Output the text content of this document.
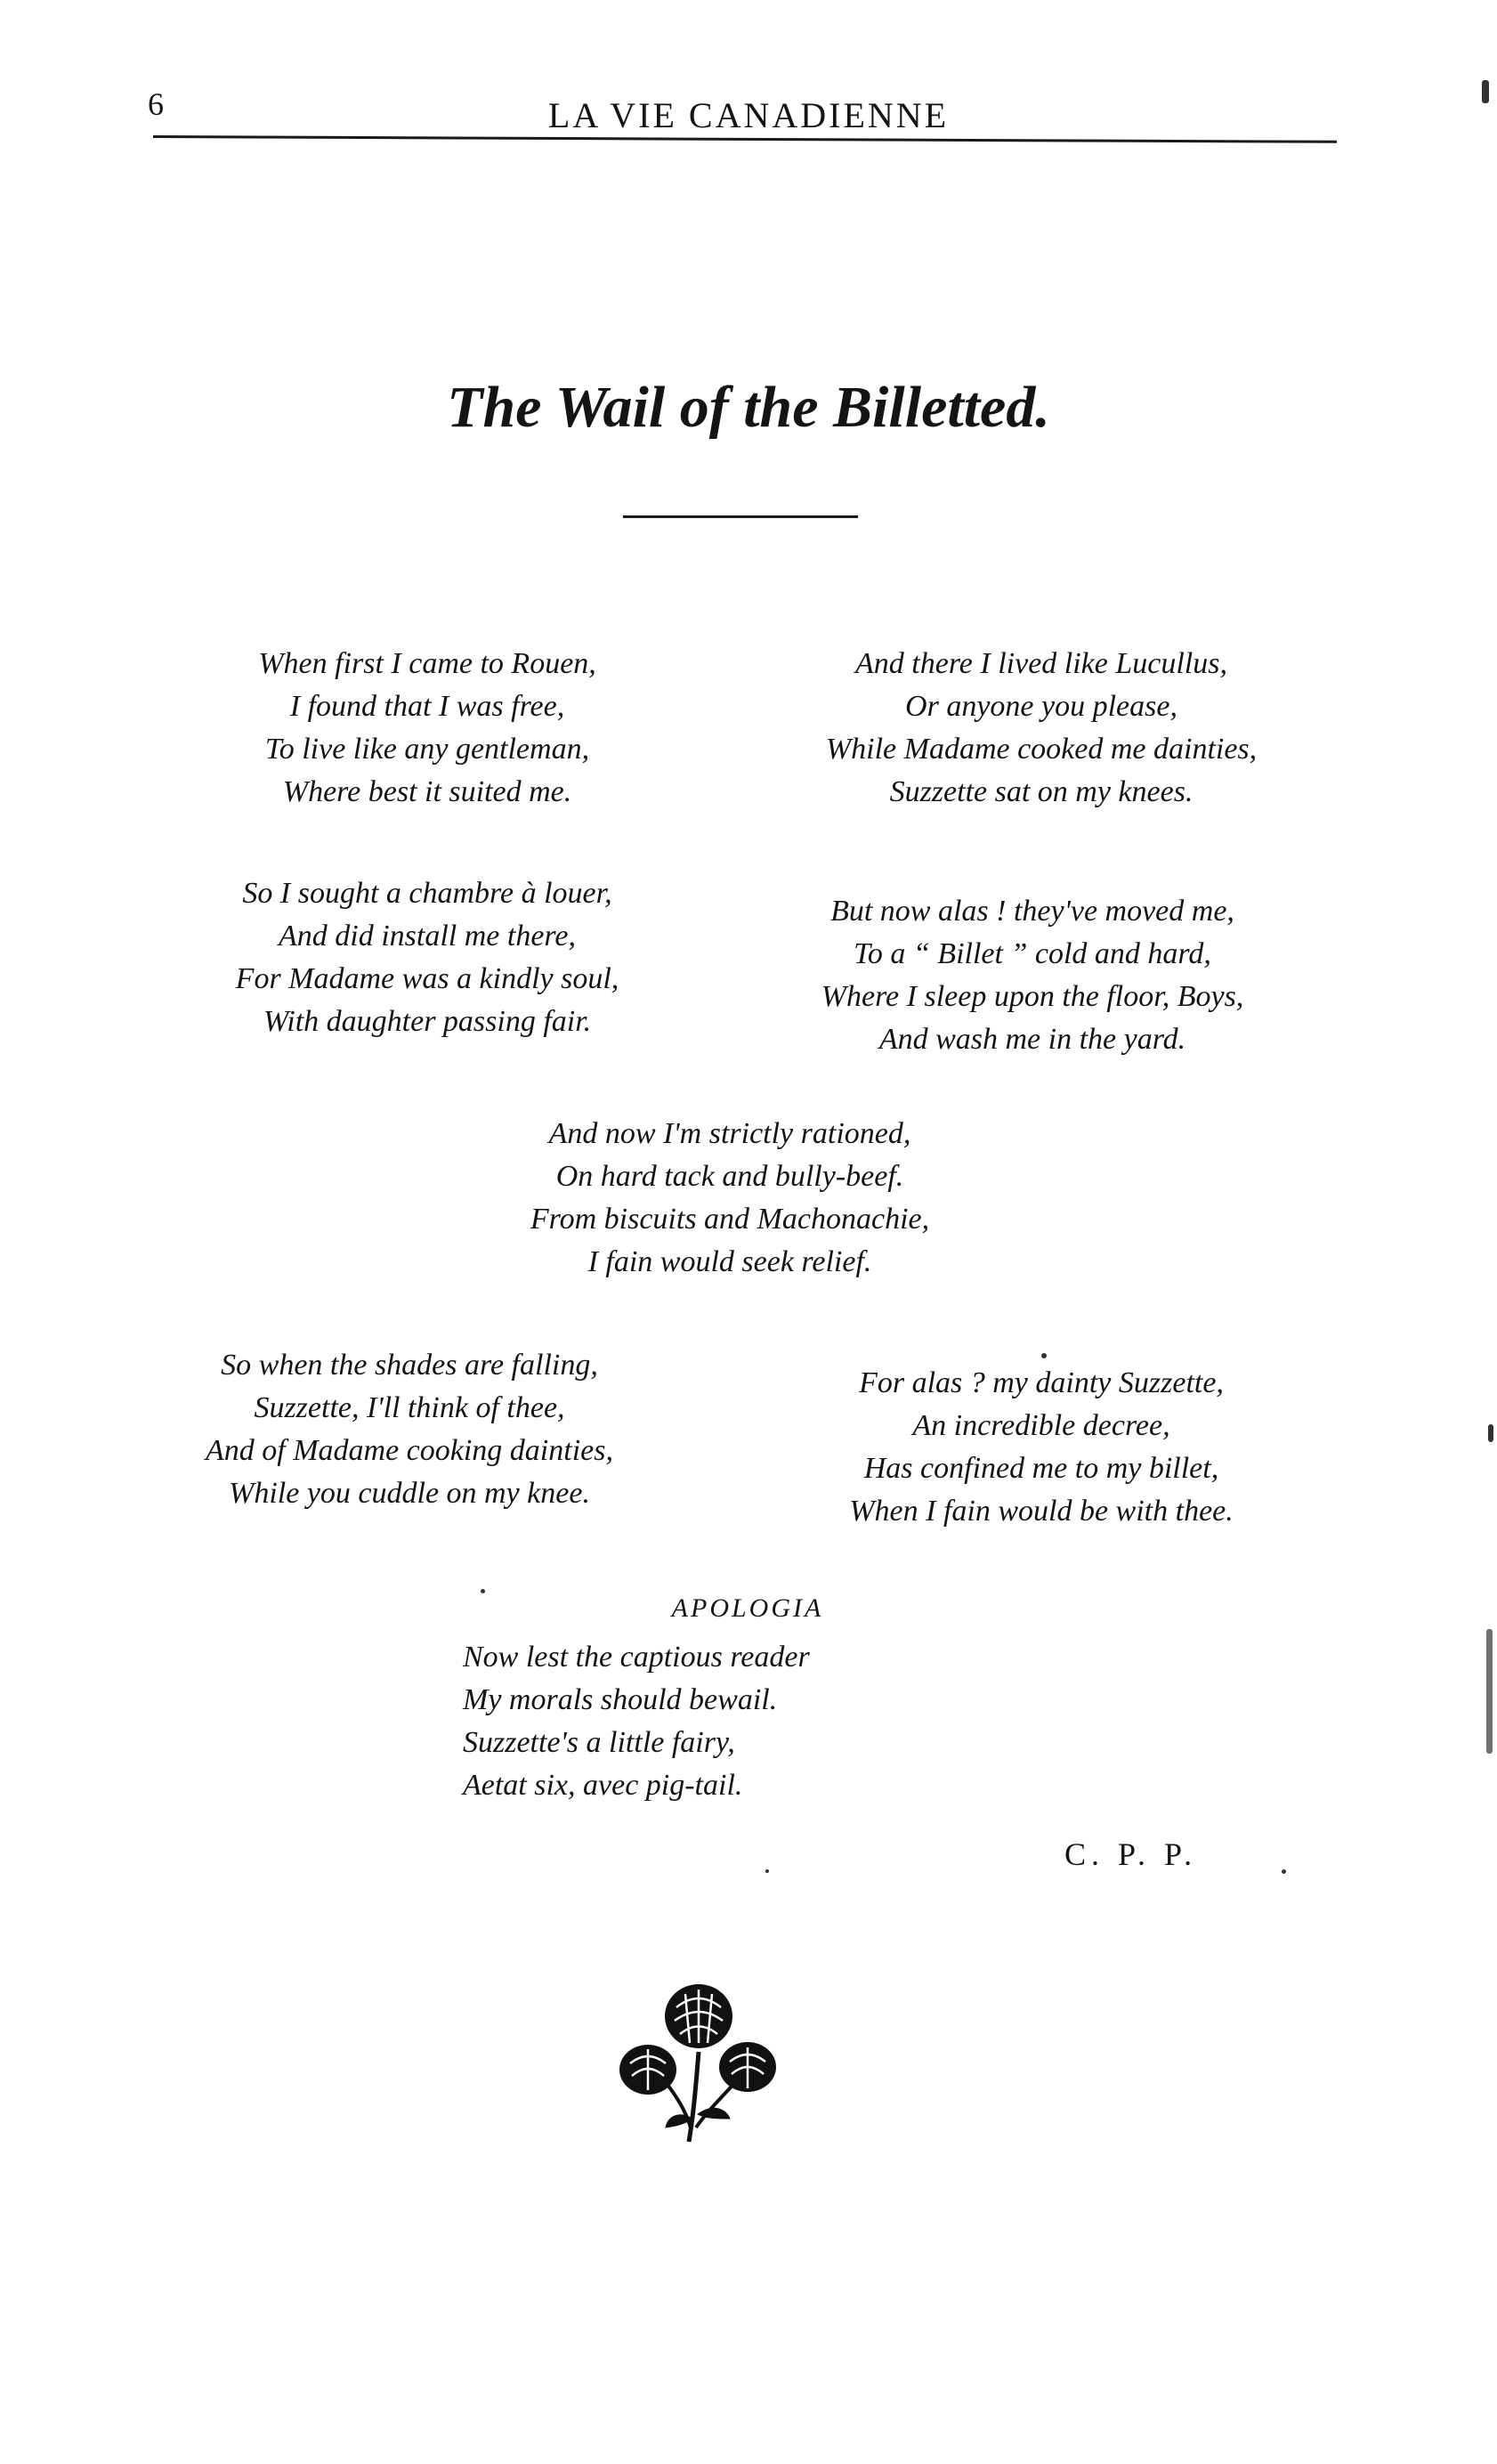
6	LA VIE CANADIENNE
The Wail of the Billetted.
When first I came to Rouen,
I found that I was free,
To live like any gentleman,
Where best it suited me.
And there I lived like Lucullus,
Or anyone you please,
While Madame cooked me dainties,
Suzzette sat on my knees.
So I sought a chambre à louer,
And did install me there,
For Madame was a kindly soul,
With daughter passing fair.
But now alas ! they've moved me,
To a “ Billet ” cold and hard,
Where I sleep upon the floor, Boys,
And wash me in the yard.
And now I'm strictly rationed,
On hard tack and bully-beef.
From biscuits and Machonachie,
I fain would seek relief.
So when the shades are falling,
Suzzette, I'll think of thee,
And of Madame cooking dainties,
While you cuddle on my knee.
For alas ? my dainty Suzzette,
An incredible decree,
Has confined me to my billet,
When I fain would be with thee.
APOLOGIA
Now lest the captious reader
My morals should bewail.
Suzzette's a little fairy,
Aetat six, avec pig-tail.
C. P. P.
